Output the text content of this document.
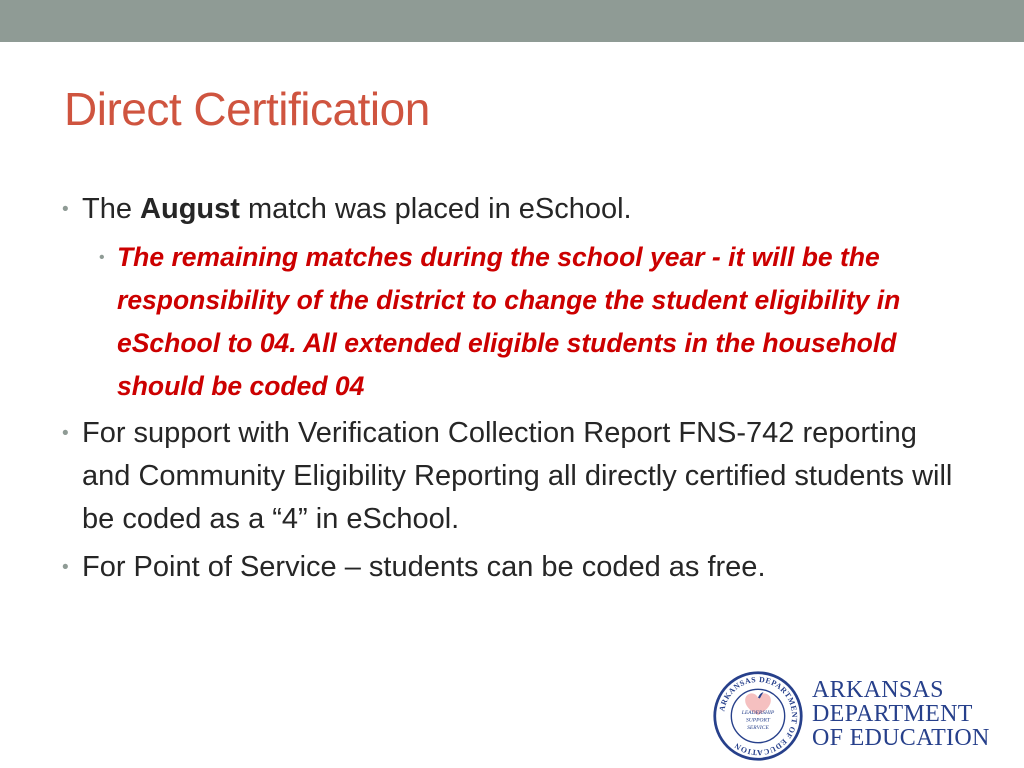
Direct Certification
• The August match was placed in eSchool.
• The remaining matches during the school year - it will be the responsibility of the district to change the student eligibility in eSchool to 04. All extended eligible students in the household should be coded 04
• For support with Verification Collection Report FNS-742 reporting and Community Eligibility Reporting all directly certified students will be coded as a “4” in eSchool.
• For Point of Service – students can be coded as free.
ARKANSAS DEPARTMENT OF EDUCATION
LEADERSHIP
SUPPORT
SERVICE
ARKANSAS
DEPARTMENT
OF EDUCATION
